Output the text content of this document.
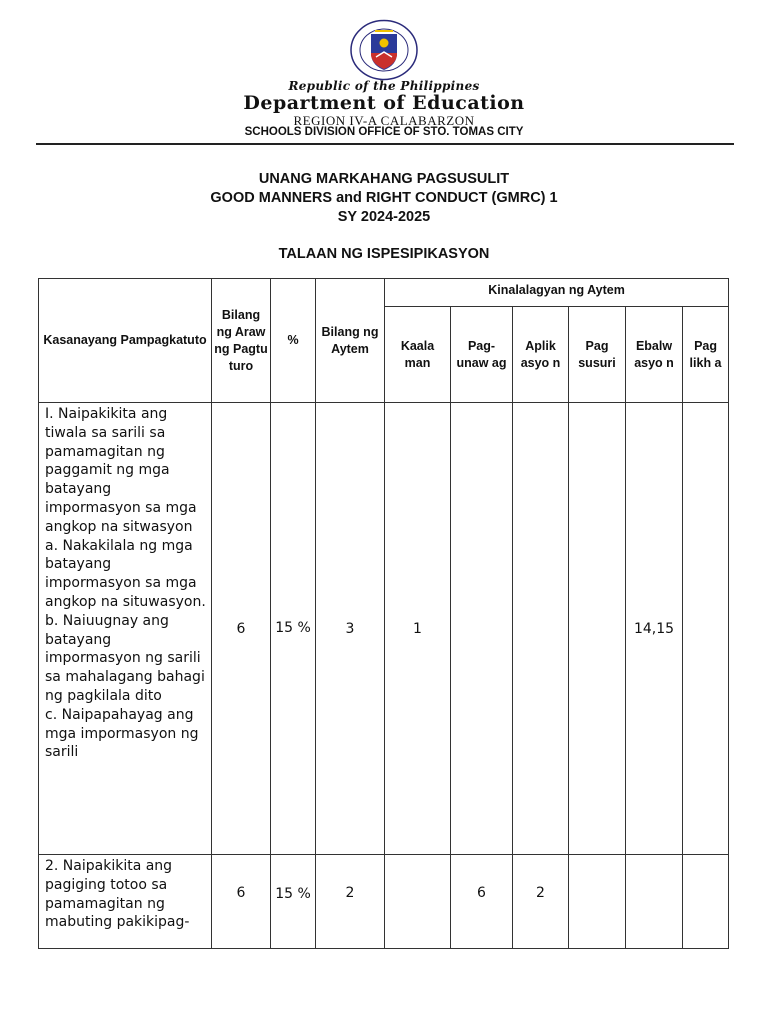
Republic of the Philippines
Department of Education
REGION IV-A CALABARZON
SCHOOLS DIVISION OFFICE OF STO. TOMAS CITY
UNANG MARKAHANG PAGSUSULIT
GOOD MANNERS and RIGHT CONDUCT (GMRC) 1
SY 2024-2025
TALAAN NG ISPESIPIKASYON
Kasanayang Pampagkatuto	Bilang ng Araw ng Pagtu turo	%	Bilang ng Aytem	Kinalalagyan ng Aytem					
				Kaala man	Pag- unaw ag	Aplik asyo n	Pag susuri	Ebalw asyo n	Pag likh a

I. Naipakikita ang tiwala sa sarili sa pamamagitan ng paggamit ng mga batayang impormasyon sa mga angkop na sitwasyon
a. Nakakilala ng mga batayang impormasyon sa mga angkop na situwasyon.
b. Naiuugnay ang batayang impormasyon ng sarili sa mahalagang bahagi ng pagkilala dito
c. Naipapahayag ang mga impormasyon ng sarili	6	15 %	3	1				14,15	

2. Naipakikita ang pagiging totoo sa pamamagitan ng mabuting pakikipag-	6	15 %	2		6	2			
